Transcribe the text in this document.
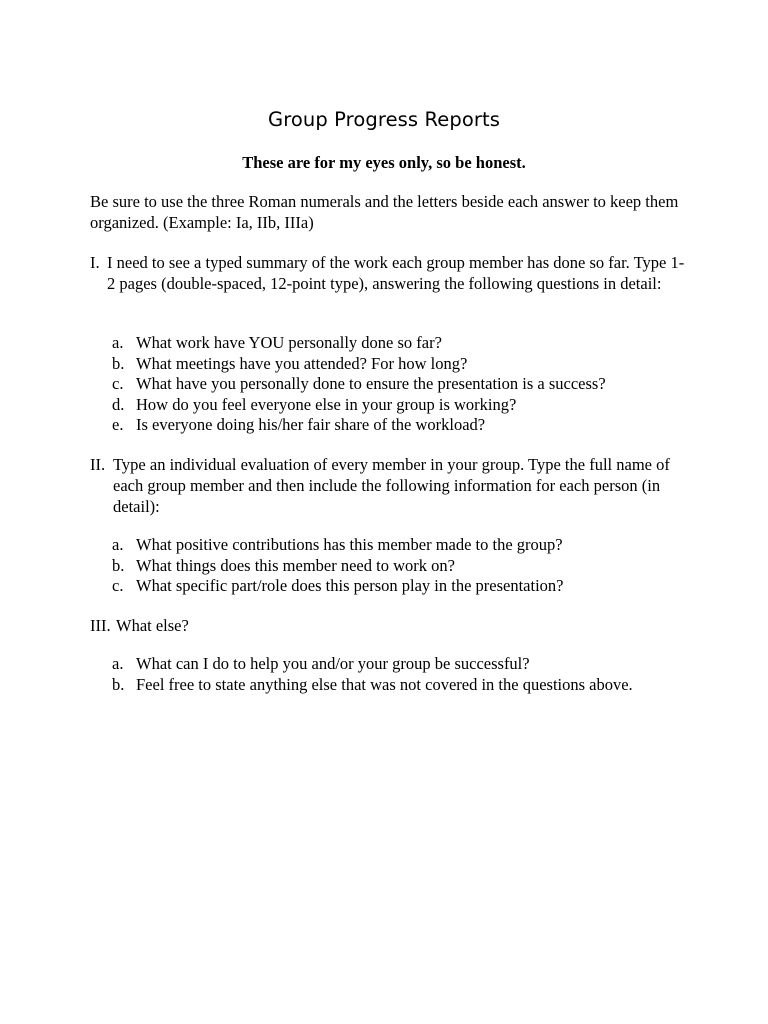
Group Progress Reports
These are for my eyes only, so be honest.
Be sure to use the three Roman numerals and the letters beside each answer to keep them organized. (Example: Ia, IIb, IIIa)
I. I need to see a typed summary of the work each group member has done so far. Type 1-2 pages (double-spaced, 12-point type), answering the following questions in detail:
a. What work have YOU personally done so far?
b. What meetings have you attended? For how long?
c. What have you personally done to ensure the presentation is a success?
d. How do you feel everyone else in your group is working?
e. Is everyone doing his/her fair share of the workload?
II. Type an individual evaluation of every member in your group. Type the full name of each group member and then include the following information for each person (in detail):
a. What positive contributions has this member made to the group?
b. What things does this member need to work on?
c. What specific part/role does this person play in the presentation?
III. What else?
a. What can I do to help you and/or your group be successful?
b. Feel free to state anything else that was not covered in the questions above.
